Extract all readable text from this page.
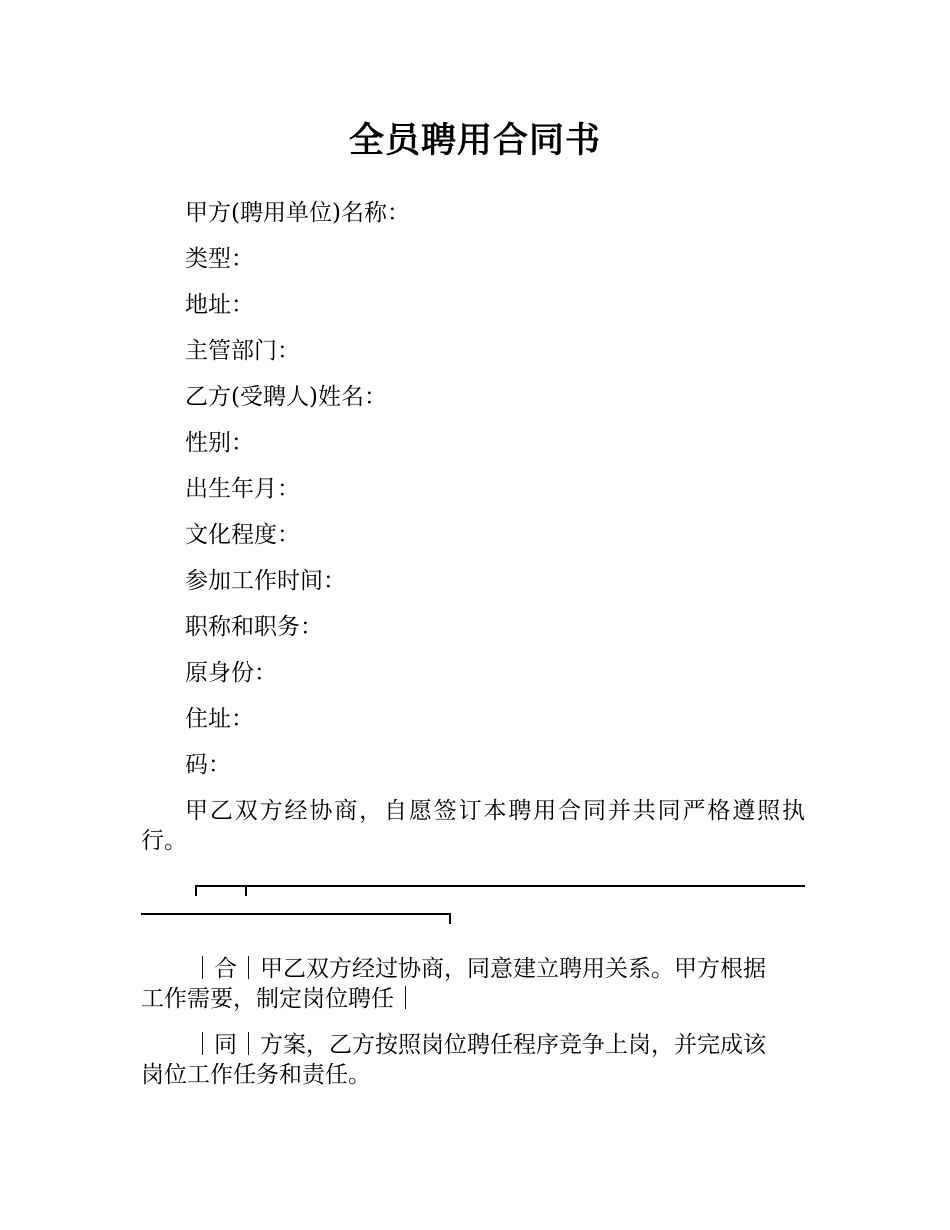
全员聘用合同书

甲方(聘用单位)名称：

类型：

地址：

主管部门：

乙方(受聘人)姓名：

性别：

出生年月：

文化程度：

参加工作时间：

职称和职务：

原身份：

住址：

码：

甲乙双方经协商，自愿签订本聘用合同并共同严格遵照执行。

｜合｜甲乙双方经过协商，同意建立聘用关系。甲方根据
工作需要，制定岗位聘任｜

｜同｜方案，乙方按照岗位聘任程序竞争上岗，并完成该
岗位工作任务和责任。
